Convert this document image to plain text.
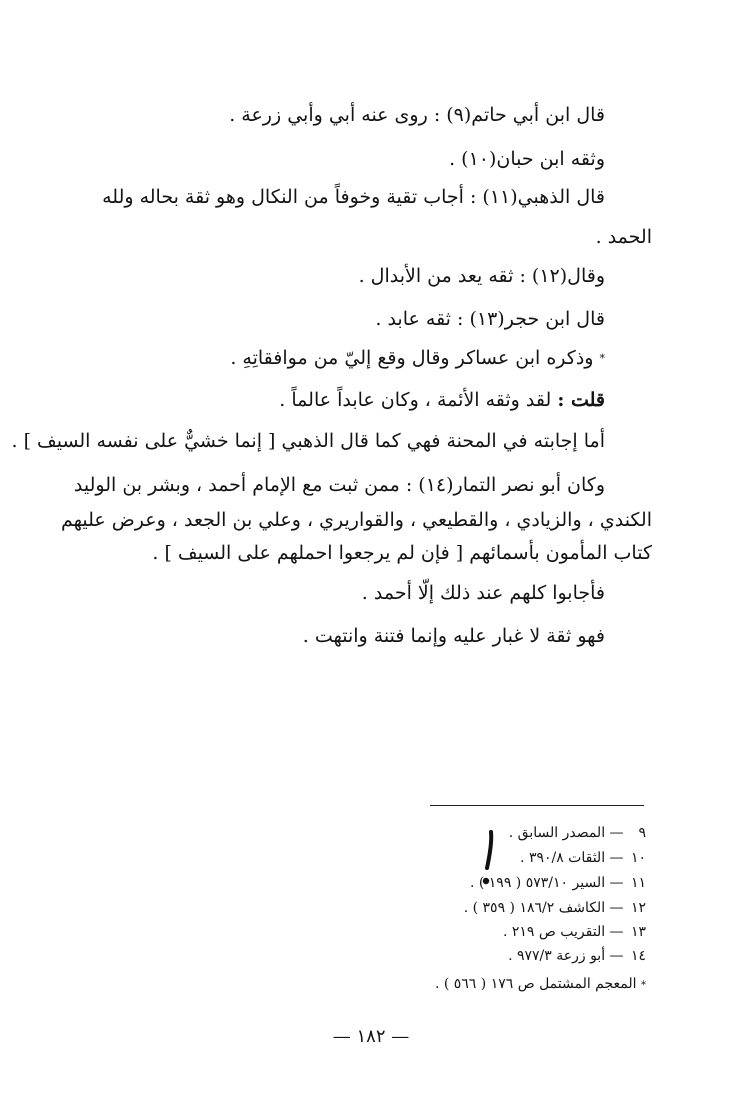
قال ابن أبي حاتم(٩) : روى عنه أبي وأبي زرعة .
وثقه ابن حبان(١٠) .
قال الذهبي(١١) : أجاب تقية وخوفاً من النكال وهو ثقة بحاله ولله
الحمد .
وقال(١٢) : ثقه يعد من الأبدال .
قال ابن حجر(١٣) : ثقه عابد .
* وذكره ابن عساكر وقال وقع إليّ من موافقاتِهِ .
قلت : لقد وثقه الأئمة ، وكان عابداً عالماً .
أما إجابته في المحنة فهي كما قال الذهبي [ إنما خشيٌّ على نفسه السيف ] .
وكان أبو نصر التمار(١٤) : ممن ثبت مع الإمام أحمد ، وبشر بن الوليد
الكندي ، والزيادي ، والقطيعي ، والقواريري ، وعلي بن الجعد ، وعرض عليهم
كتاب المأمون بأسمائهم [ فإن لم يرجعوا احملهم على السيف ] .
فأجابوا كلهم عند ذلك إلّا أحمد .
فهو ثقة لا غبار عليه وإنما فتنة وانتهت .
٩ — المصدر السابق .
١٠ — الثقات ٣٩٠/٨ .
١١ — السير ٥٧٣/١٠ ( ١٩٩ ) .
١٢ — الكاشف ١٨٦/٢ ( ٣٥٩ ) .
١٣ — التقريب ص ٢١٩ .
١٤ — أبو زرعة ٩٧٧/٣ .
* المعجم المشتمل ص ١٧٦ ( ٥٦٦ ) .
— ١٨٢ —
